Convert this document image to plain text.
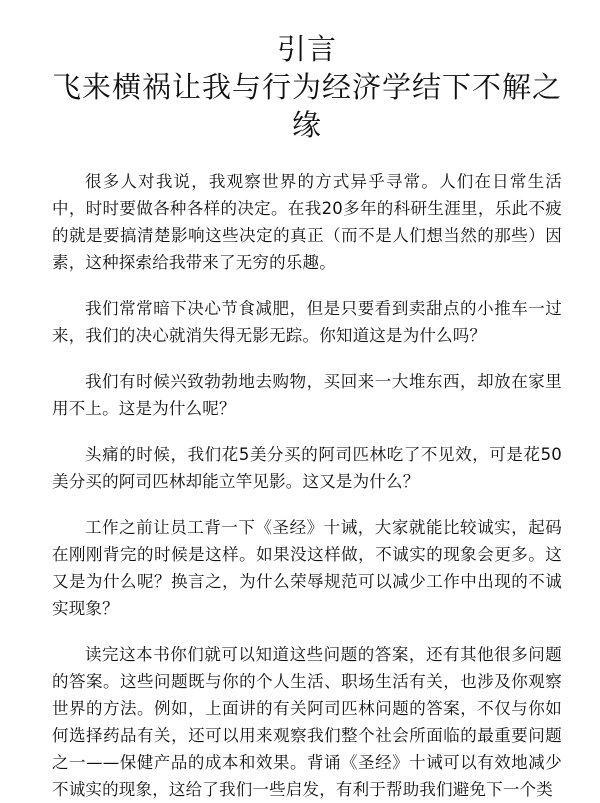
引言
飞来横祸让我与行为经济学结下不解之缘

很多人对我说，我观察世界的方式异乎寻常。人们在日常生活中，时时要做各种各样的决定。在我20多年的科研生涯里，乐此不疲的就是要搞清楚影响这些决定的真正（而不是人们想当然的那些）因素，这种探索给我带来了无穷的乐趣。

我们常常暗下决心节食减肥，但是只要看到卖甜点的小推车一过来，我们的决心就消失得无影无踪。你知道这是为什么吗？

我们有时候兴致勃勃地去购物，买回来一大堆东西，却放在家里用不上。这是为什么呢？

头痛的时候，我们花5美分买的阿司匹林吃了不见效，可是花50美分买的阿司匹林却能立竿见影。这又是为什么？

工作之前让员工背一下《圣经》十诫，大家就能比较诚实，起码在刚刚背完的时候是这样。如果没这样做，不诚实的现象会更多。这又是为什么呢？换言之，为什么荣辱规范可以减少工作中出现的不诚实现象？

读完这本书你们就可以知道这些问题的答案，还有其他很多问题的答案。这些问题既与你的个人生活、职场生活有关，也涉及你观察世界的方法。例如，上面讲的有关阿司匹林问题的答案，不仅与你如何选择药品有关，还可以用来观察我们整个社会所面临的最重要问题之一——保健产品的成本和效果。背诵《圣经》十诫可以有效地减少不诚实的现象，这给了我们一些启发，有利于帮助我们避免下一个类
